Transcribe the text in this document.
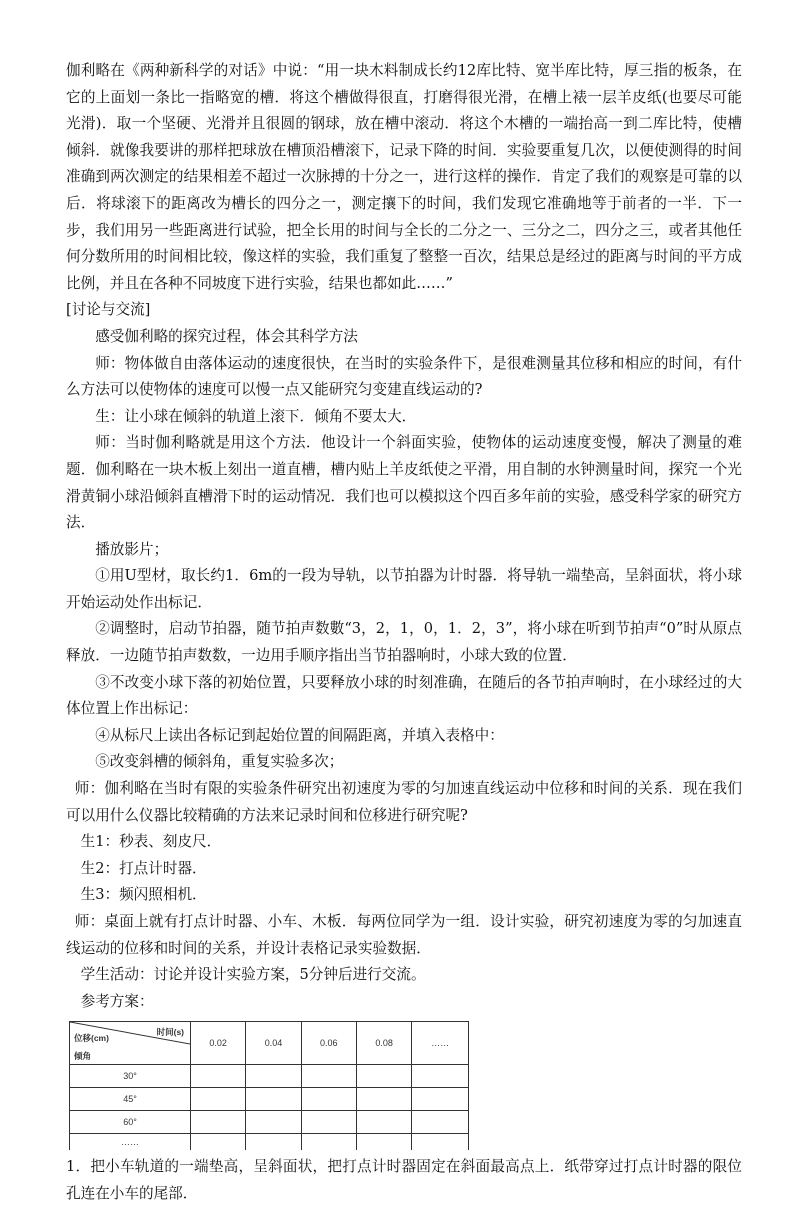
伽利略在《两种新科学的对话》中说：“用一块木料制成长约12库比特、宽半库比特，厚三指的板条，在它的上面划一条比一指略宽的槽．将这个槽做得很直，打磨得很光滑，在槽上裱一层羊皮纸(也要尽可能光滑)．取一个坚硬、光滑并且很圆的钢球，放在槽中滚动．将这个木槽的一端抬高一到二库比特，使槽倾斜．就像我要讲的那样把球放在槽顶沿槽滚下，记录下降的时间．实验要重复几次，以便使测得的时间准确到两次测定的结果相差不超过一次脉搏的十分之一，进行这样的操作．肯定了我们的观察是可靠的以后．将球滚下的距离改为槽长的四分之一，测定攘下的时间，我们发现它准确地等于前者的一半．下一步，我们用另一些距离进行试验，把全长用的时间与全长的二分之一、三分之二，四分之三，或者其他任何分数所用的时间相比较，像这样的实验，我们重复了整整一百次，结果总是经过的距离与时间的平方成比例，并且在各种不同坡度下进行实验，结果也都如此……”

[讨论与交流]

感受伽利略的探究过程，体会其科学方法

师：物体做自由落体运动的速度很快，在当时的实验条件下，是很难测量其位移和相应的时间，有什么方法可以使物体的速度可以慢一点又能研究匀变建直线运动的?

生：让小球在倾斜的轨道上滚下．倾角不要太大．

师：当时伽利略就是用这个方法．他设计一个斜面实验，使物体的运动速度变慢，解决了测量的难题．伽利略在一块木板上刻出一道直槽，槽内贴上羊皮纸使之平滑，用自制的水钟测量时间，探究一个光滑黄铜小球沿倾斜直槽滑下时的运动情况．我们也可以模拟这个四百多年前的实验，感受科学家的研究方法．

播放影片；

①用U型材，取长约1．6m的一段为导轨，以节拍器为计时器．将导轨一端垫高，呈斜面状，将小球开始运动处作出标记．

②调整时，启动节拍器，随节拍声数數“3，2，1，0，1．2，3”，将小球在听到节拍声“0”时从原点释放．一边随节拍声数数，一边用手顺序指出当节拍器响时，小球大致的位置．

③不改变小球下落的初始位置，只要释放小球的时刻准确，在随后的各节拍声响时，在小球经过的大体位置上作出标记：

④从标尺上读出各标记到起始位置的间隔距离，并填入表格中：

⑤改变斜槽的倾斜角，重复实验多次；

师：伽利略在当时有限的实验条件研究出初速度为零的匀加速直线运动中位移和时间的关系．现在我们可以用什么仪器比较精确的方法来记录时间和位移进行研究呢?

生1：秒表、刻皮尺．

生2：打点计时器．

生3：频闪照相机．

师：桌面上就有打点计时器、小车、木板．每两位同学为一组．设计实验，研究初速度为零的匀加速直线运动的位移和时间的关系，并设计表格记录实验数据．

学生活动：讨论并设计实验方案，5分钟后进行交流。

参考方案：

时间(s)
位移(cm)
倾角	0.02	0.04	0.06	0.08	……
30°					
45°					
60°					
……					

1．把小车轨道的一端垫高，呈斜面状，把打点计时器固定在斜面最高点上．纸带穿过打点计时器的限位孔连在小车的尾部．
